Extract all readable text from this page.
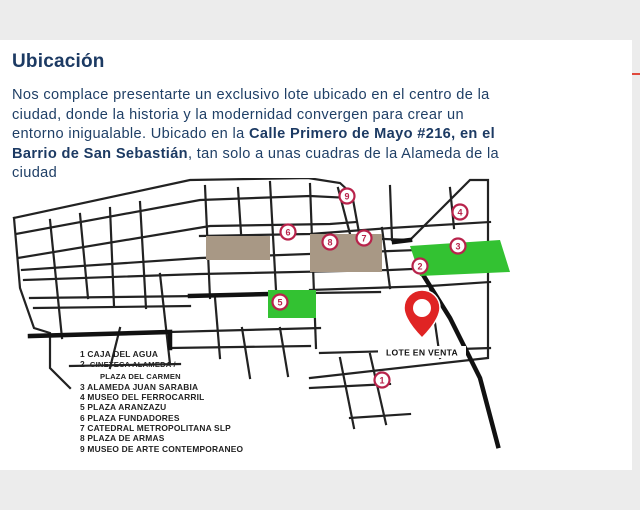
Ubicación
Nos complace presentarte un exclusivo lote ubicado en el centro de la
ciudad, donde la historia y la modernidad convergen para crear un
entorno inigualable. Ubicado en la Calle Primero de Mayo #216, en el
Barrio de San Sebastián, tan solo a unas cuadras de la Alameda de la
ciudad
1
2
3
4
5
6
7
8
9
LOTE EN VENTA
1 CAJA DEL AGUA
2 CINETECA ALAMEDA /
PLAZA DEL CARMEN
3 ALAMEDA JUAN SARABIA
4 MUSEO DEL FERROCARRIL
5 PLAZA ARANZAZU
6 PLAZA FUNDADORES
7 CATEDRAL METROPOLITANA SLP
8 PLAZA DE ARMAS
9 MUSEO DE ARTE CONTEMPORANEO
